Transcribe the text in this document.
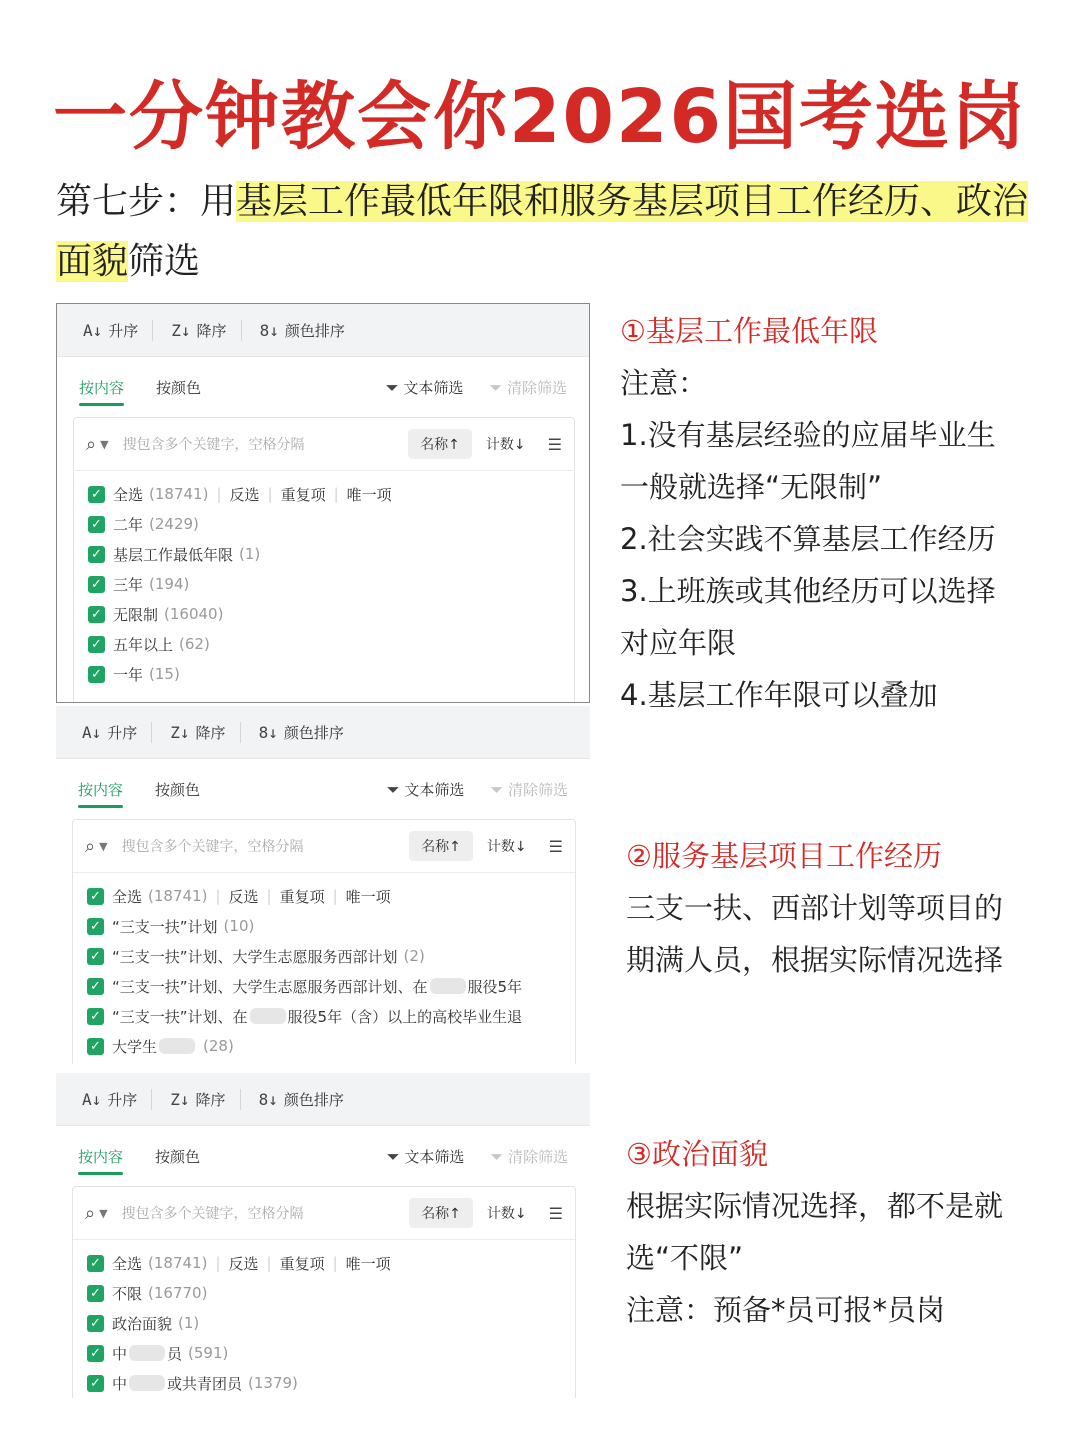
一分钟教会你2026国考选岗
第七步：用基层工作最低年限和服务基层项目工作经历、政治
面貌筛选
A↓ 升序 Z↓ 降序 8↓ 颜色排序
按内容 按颜色	⏷ 文本筛选 ⏷ 清除筛选
⌕ ▼ 搜包含多个关键字，空格分隔	名称↑	计数↓ ☰
✓ 全选 (18741) | 反选 | 重复项 | 唯一项
✓ 二年 (2429)
✓ 基层工作最低年限 (1)
✓ 三年 (194)
✓ 无限制 (16040)
✓ 五年以上 (62)
✓ 一年 (15)
A↓ 升序 Z↓ 降序 8↓ 颜色排序
按内容 按颜色	⏷ 文本筛选 ⏷ 清除筛选
⌕ ▼ 搜包含多个关键字，空格分隔	名称↑	计数↓ ☰
✓ 全选 (18741) | 反选 | 重复项 | 唯一项
✓ “三支一扶”计划 (10)
✓ “三支一扶”计划、大学生志愿服务西部计划 (2)
✓ “三支一扶”计划、大学生志愿服务西部计划、在	服役5年
✓ “三支一扶”计划、在	服役5年（含）以上的高校毕业生退
✓ 大学生	(28)
A↓ 升序 Z↓ 降序 8↓ 颜色排序
按内容 按颜色	⏷ 文本筛选 ⏷ 清除筛选
⌕ ▼ 搜包含多个关键字，空格分隔	名称↑	计数↓ ☰
✓ 全选 (18741) | 反选 | 重复项 | 唯一项
✓ 不限 (16770)
✓ 政治面貌 (1)
✓ 中	员 (591)
✓ 中	或共青团员 (1379)
①基层工作最低年限
注意：
1.没有基层经验的应届毕业生
一般就选择“无限制”
2.社会实践不算基层工作经历
3.上班族或其他经历可以选择
对应年限
4.基层工作年限可以叠加
②服务基层项目工作经历
三支一扶、西部计划等项目的
期满人员，根据实际情况选择
③政治面貌
根据实际情况选择，都不是就
选“不限”
注意：预备*员可报*员岗
